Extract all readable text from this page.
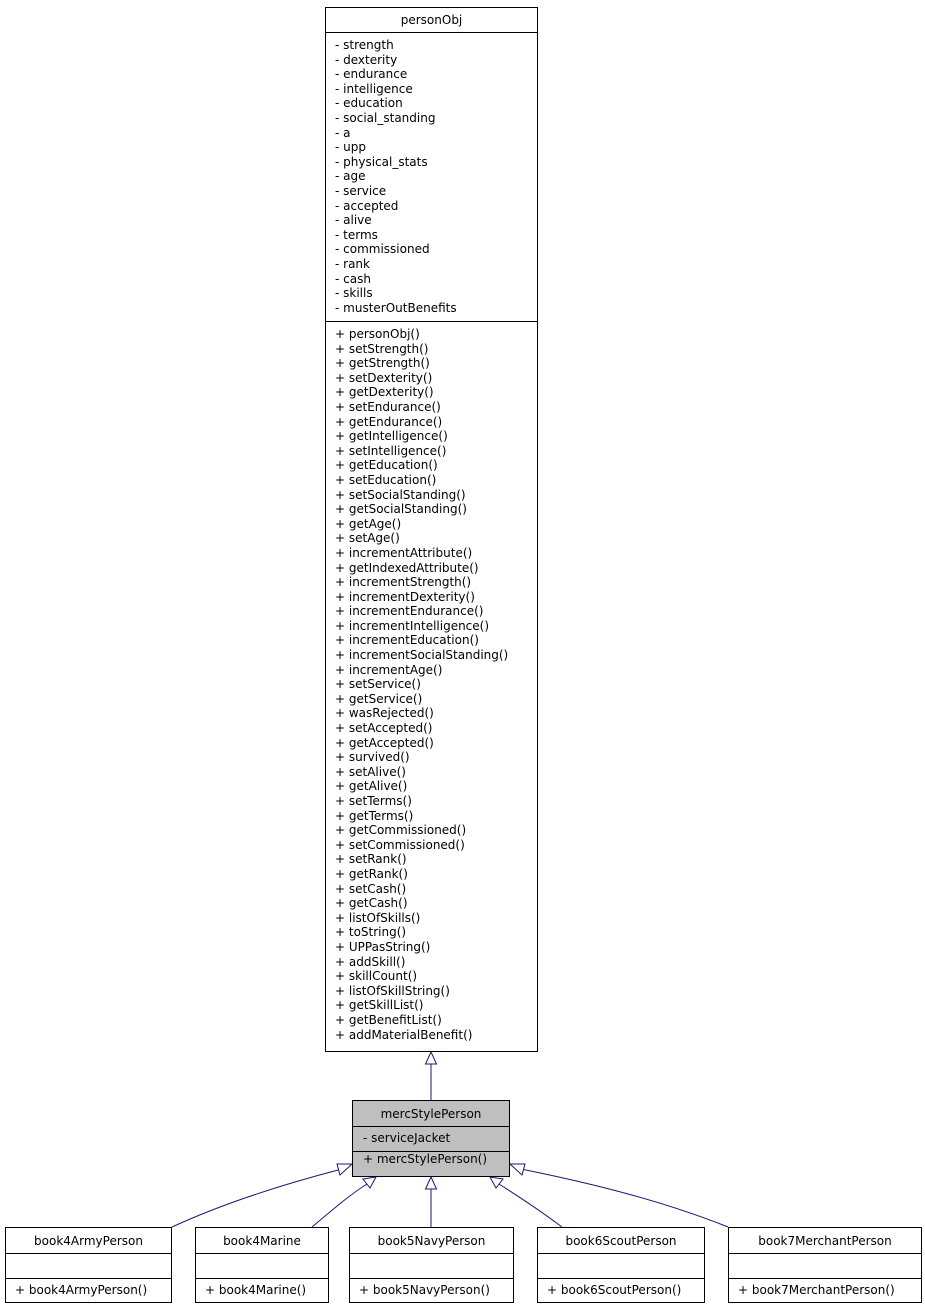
personObj
- strength
- dexterity
- endurance
- intelligence
- education
- social_standing
- a
- upp
- physical_stats
- age
- service
- accepted
- alive
- terms
- commissioned
- rank
- cash
- skills
- musterOutBenefits
+ personObj()
+ setStrength()
+ getStrength()
+ setDexterity()
+ getDexterity()
+ setEndurance()
+ getEndurance()
+ getIntelligence()
+ setIntelligence()
+ getEducation()
+ setEducation()
+ setSocialStanding()
+ getSocialStanding()
+ getAge()
+ setAge()
+ incrementAttribute()
+ getIndexedAttribute()
+ incrementStrength()
+ incrementDexterity()
+ incrementEndurance()
+ incrementIntelligence()
+ incrementEducation()
+ incrementSocialStanding()
+ incrementAge()
+ setService()
+ getService()
+ wasRejected()
+ setAccepted()
+ getAccepted()
+ survived()
+ setAlive()
+ getAlive()
+ setTerms()
+ getTerms()
+ getCommissioned()
+ setCommissioned()
+ setRank()
+ getRank()
+ setCash()
+ getCash()
+ listOfSkills()
+ toString()
+ UPPasString()
+ addSkill()
+ skillCount()
+ listOfSkillString()
+ getSkillList()
+ getBenefitList()
+ addMaterialBenefit()
mercStylePerson
- serviceJacket
+ mercStylePerson()
book4ArmyPerson
+ book4ArmyPerson()
book4Marine
+ book4Marine()
book5NavyPerson
+ book5NavyPerson()
book6ScoutPerson
+ book6ScoutPerson()
book7MerchantPerson
+ book7MerchantPerson()
